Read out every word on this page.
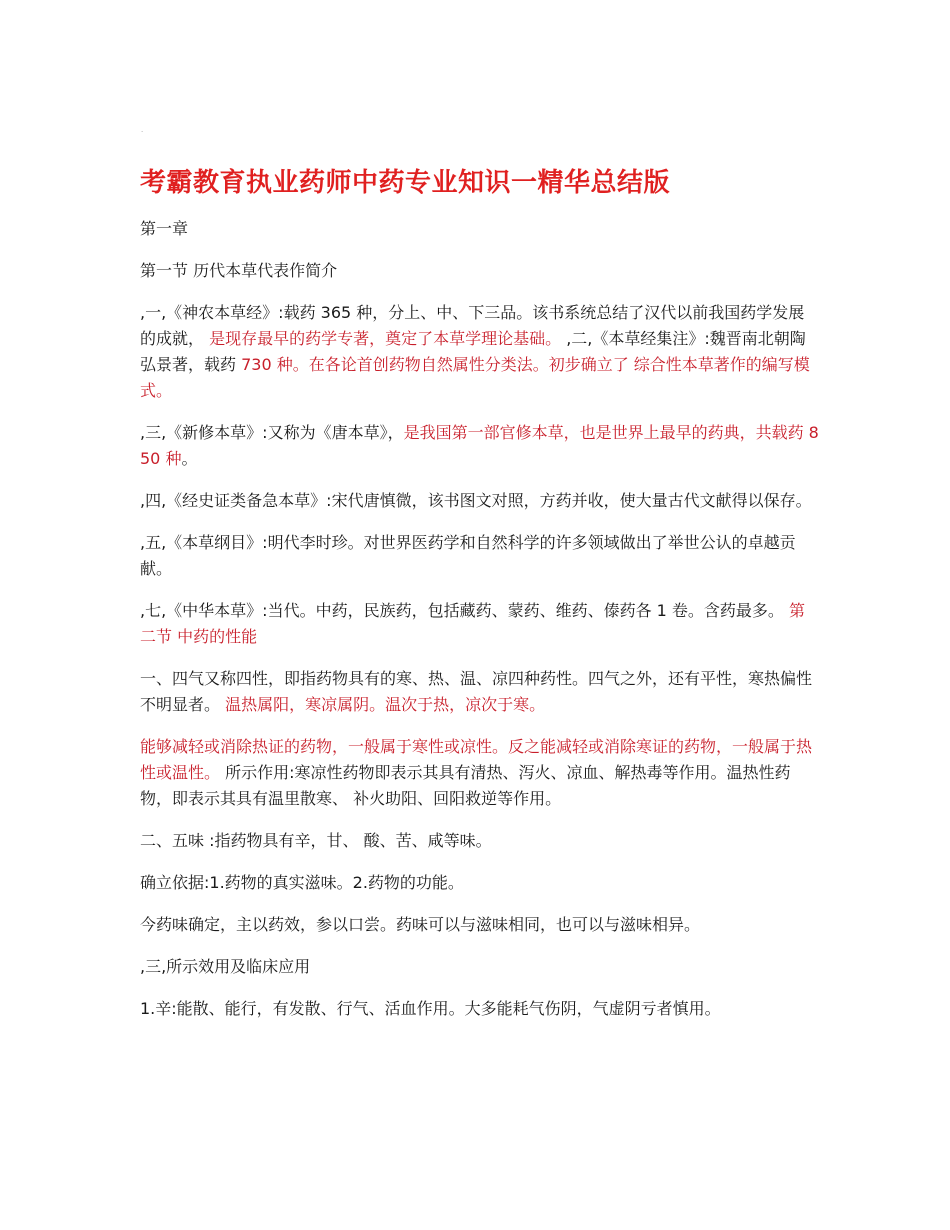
·
考霸教育执业药师中药专业知识一精华总结版

第一章

第一节 历代本草代表作简介

,一,《神农本草经》:载药 365 种，分上、中、下三品。该书系统总结了汉代以前我国药学发展的成就， 是现存最早的药学专著，奠定了本草学理论基础。 ,二,《本草经集注》:魏晋南北朝陶弘景著，载药 730 种。在各论首创药物自然属性分类法。初步确立了 综合性本草著作的编写模式。

,三,《新修本草》:又称为《唐本草》，是我国第一部官修本草，也是世界上最早的药典，共载药 850 种。

,四,《经史证类备急本草》:宋代唐慎微，该书图文对照，方药并收，使大量古代文献得以保存。

,五,《本草纲目》:明代李时珍。对世界医药学和自然科学的许多领域做出了举世公认的卓越贡献。

,七,《中华本草》:当代。中药，民族药，包括藏药、蒙药、维药、傣药各 1 卷。含药最多。 第二节 中药的性能

一、四气又称四性，即指药物具有的寒、热、温、凉四种药性。四气之外，还有平性，寒热偏性不明显者。 温热属阳，寒凉属阴。温次于热，凉次于寒。

能够减轻或消除热证的药物，一般属于寒性或凉性。反之能减轻或消除寒证的药物，一般属于热性或温性。 所示作用:寒凉性药物即表示其具有清热、泻火、凉血、解热毒等作用。温热性药物，即表示其具有温里散寒、 补火助阳、回阳救逆等作用。

二、五味 :指药物具有辛，甘、 酸、苦、咸等味。

确立依据:1.药物的真实滋味。2.药物的功能。

今药味确定，主以药效，参以口尝。药味可以与滋味相同，也可以与滋味相异。

,三,所示效用及临床应用

1.辛:能散、能行，有发散、行气、活血作用。大多能耗气伤阴，气虚阴亏者慎用。
